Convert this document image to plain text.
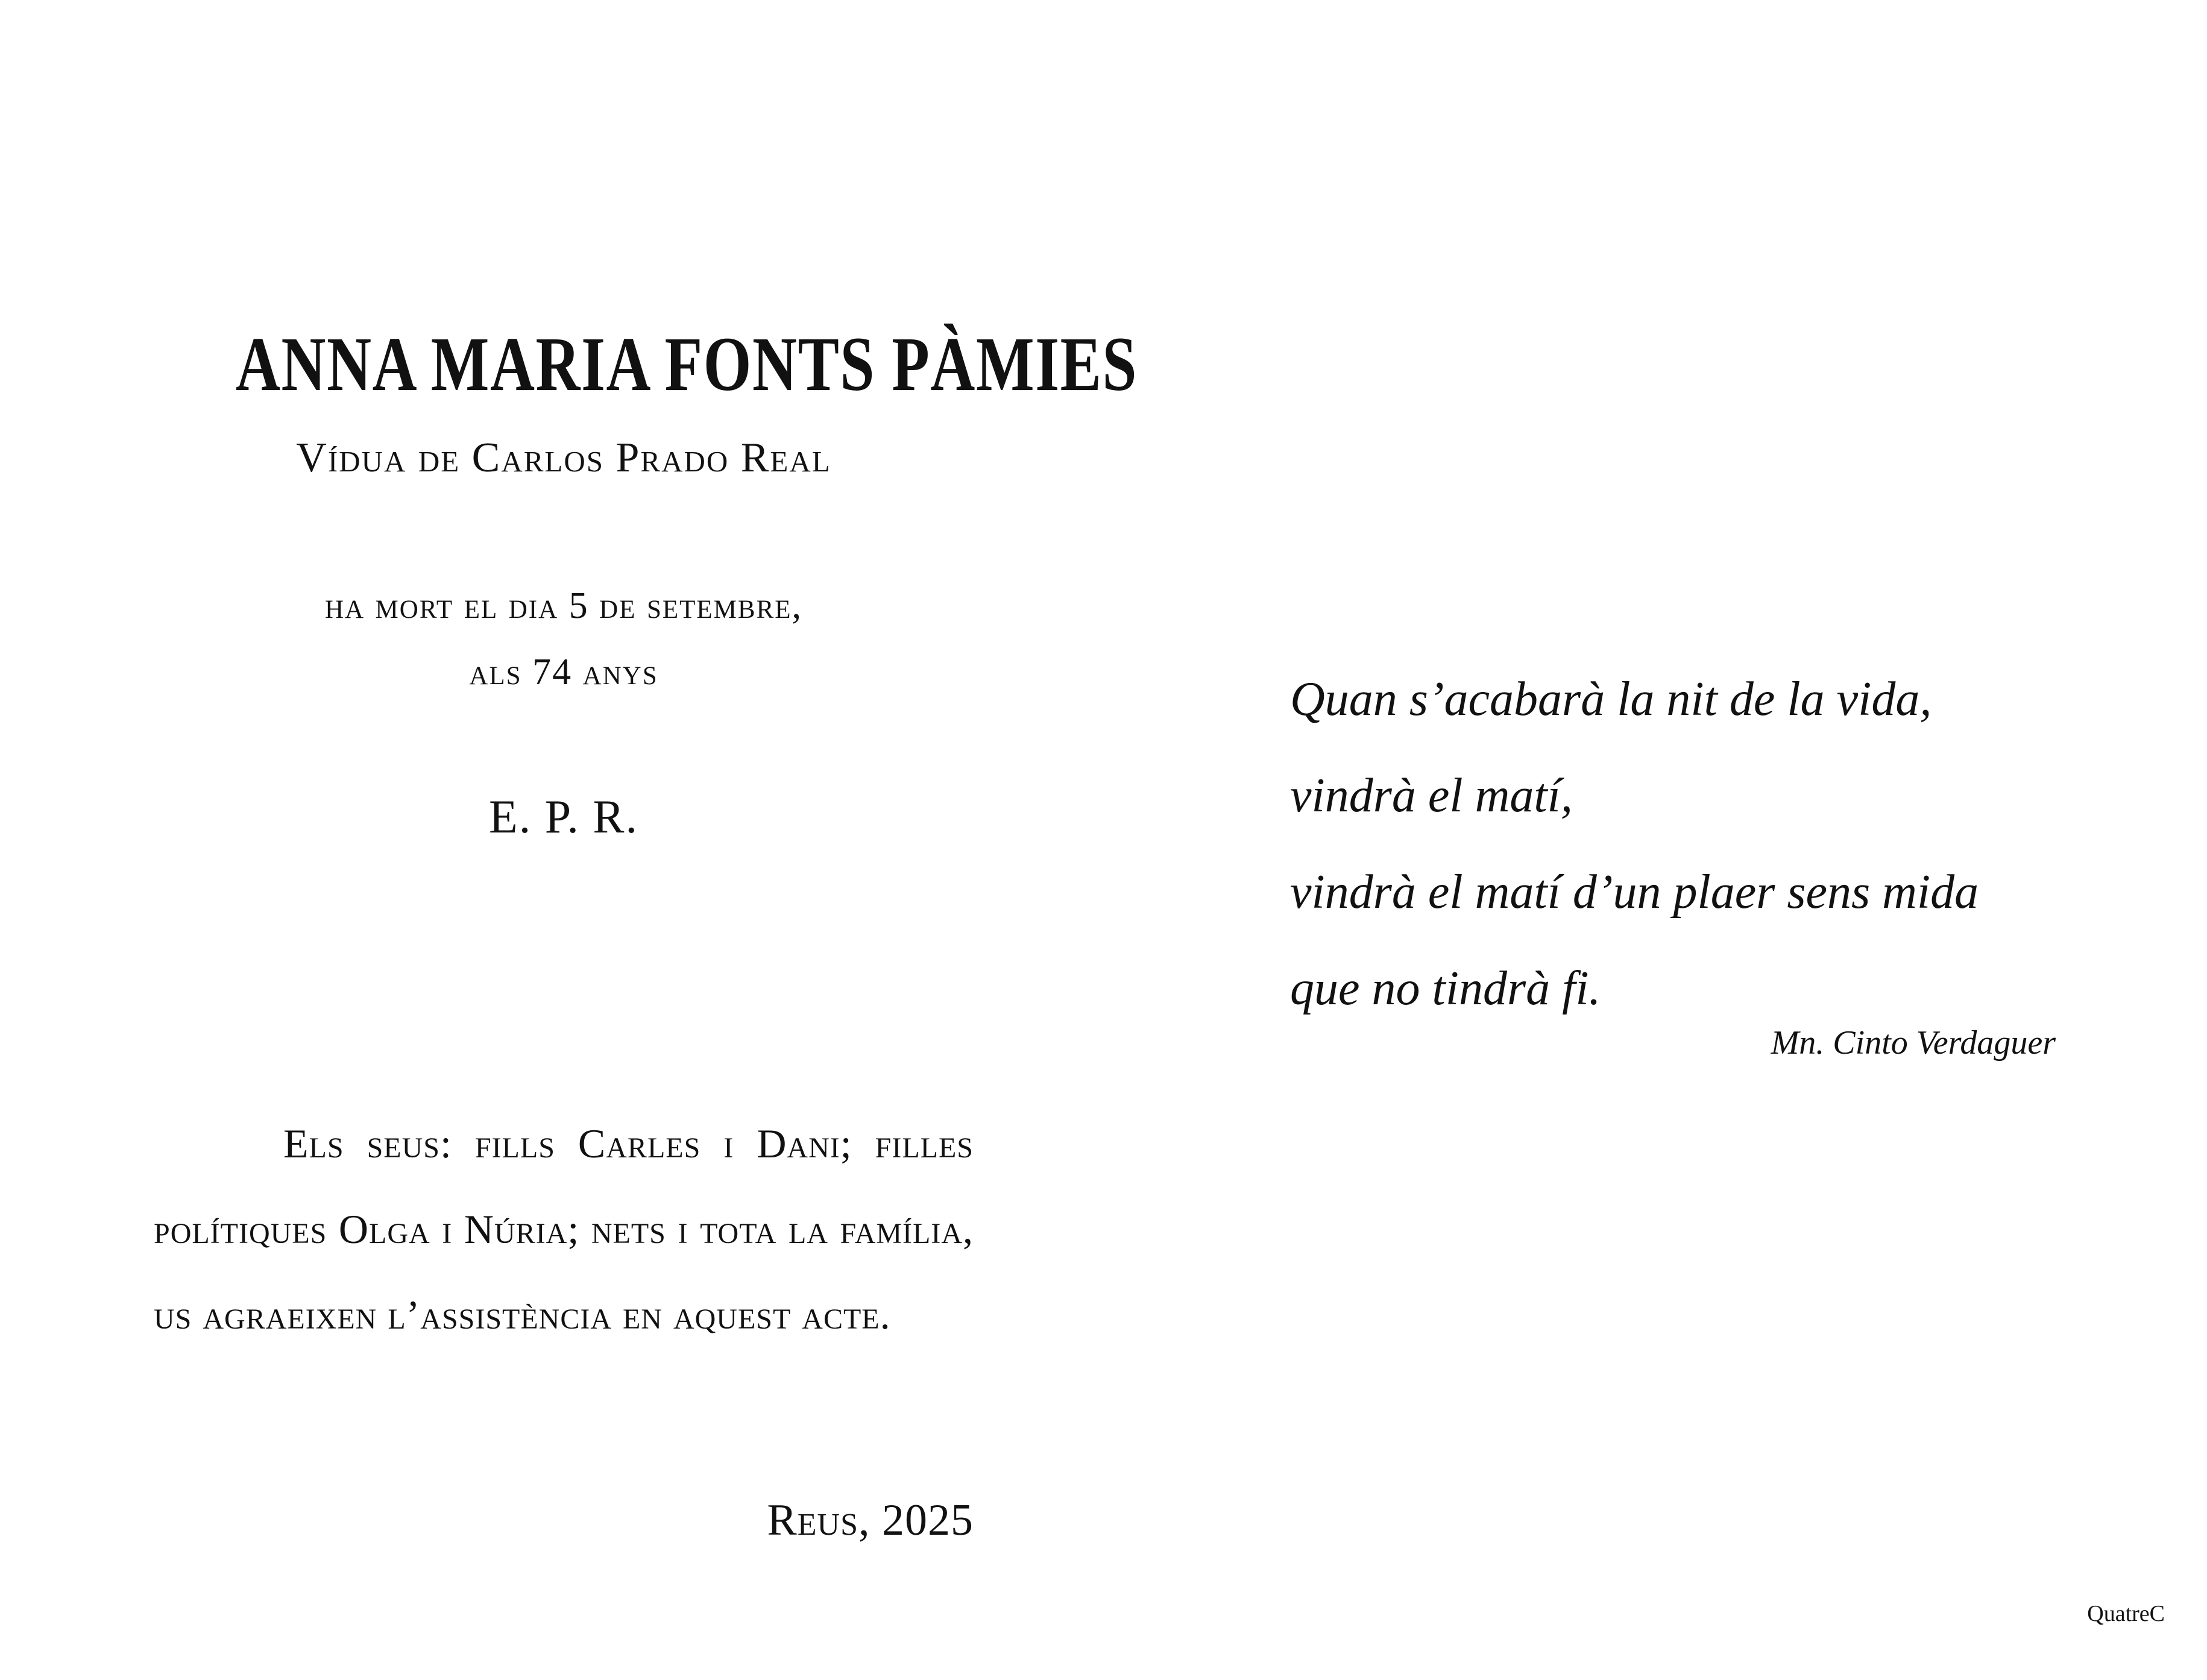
ANNA MARIA FONTS PÀMIES
Vídua de Carlos Prado Real
ha mort el dia 5 de setembre,
als 74 anys
E. P. R.

Els seus: fills Carles i Dani; filles polítiques Olga i Núria; nets i tota la família, us agraeixen l’assistència en aquest acte.

Reus, 2025
Quan s’acabarà la nit de la vida,
vindrà el matí,
vindrà el matí d’un plaer sens mida
que no tindrà fi.
Mn. Cinto Verdaguer
QuatreC
